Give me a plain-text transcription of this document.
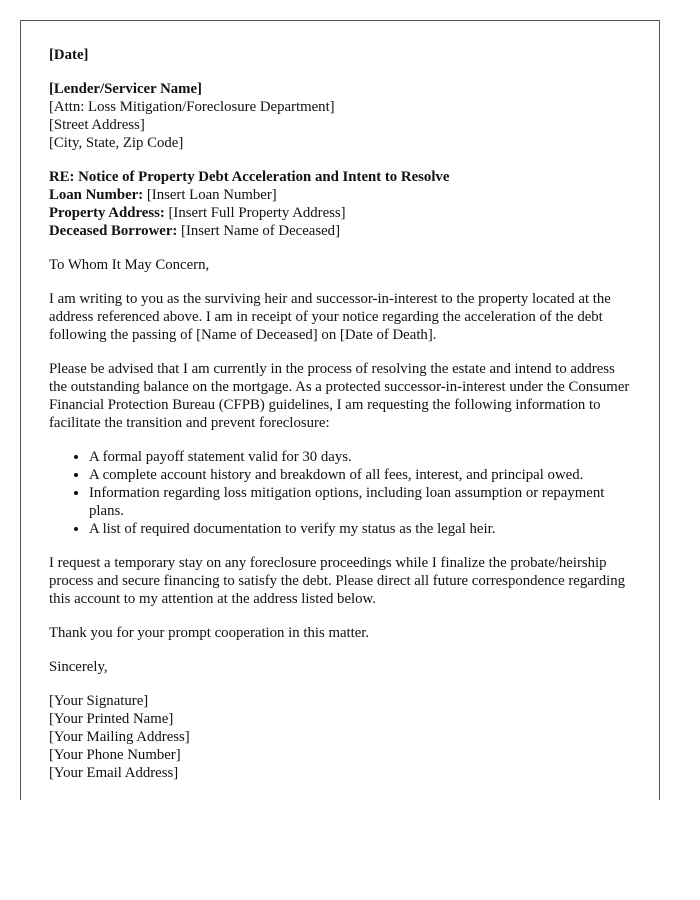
[Date]

[Lender/Servicer Name]
[Attn: Loss Mitigation/Foreclosure Department]
[Street Address]
[City, State, Zip Code]
RE: Notice of Property Debt Acceleration and Intent to Resolve
Loan Number: [Insert Loan Number]
Property Address: [Insert Full Property Address]
Deceased Borrower: [Insert Name of Deceased]

To Whom It May Concern,

I am writing to you as the surviving heir and successor-in-interest to the property located at the address referenced above. I am in receipt of your notice regarding the acceleration of the debt following the passing of [Name of Deceased] on [Date of Death].

Please be advised that I am currently in the process of resolving the estate and intend to address the outstanding balance on the mortgage. As a protected successor-in-interest under the Consumer Financial Protection Bureau (CFPB) guidelines, I am requesting the following information to facilitate the transition and prevent foreclosure:

• A formal payoff statement valid for 30 days.
• A complete account history and breakdown of all fees, interest, and principal owed.
• Information regarding loss mitigation options, including loan assumption or repayment plans.
• A list of required documentation to verify my status as the legal heir.

I request a temporary stay on any foreclosure proceedings while I finalize the probate/heirship process and secure financing to satisfy the debt. Please direct all future correspondence regarding this account to my attention at the address listed below.

Thank you for your prompt cooperation in this matter.

Sincerely,

[Your Signature]
[Your Printed Name]
[Your Mailing Address]
[Your Phone Number]
[Your Email Address]
